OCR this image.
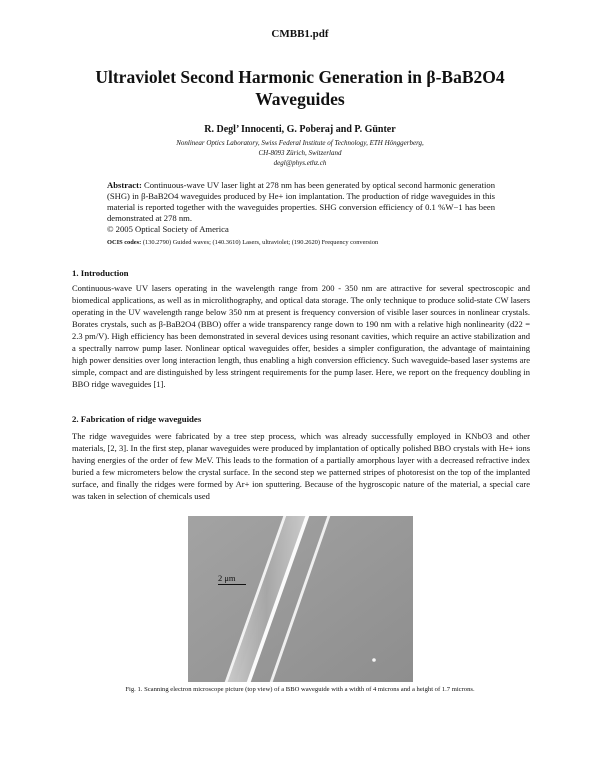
CMBB1.pdf
Ultraviolet Second Harmonic Generation in β-BaB2O4
Waveguides
R. Degl’ Innocenti, G. Poberaj and P. Günter
Nonlinear Optics Laboratory, Swiss Federal Institute of Technology, ETH Hönggerberg,
CH-8093 Zürich, Switzerland
degl@phys.ethz.ch
Abstract: Continuous-wave UV laser light at 278 nm has been generated by optical second harmonic generation (SHG) in β-BaB2O4 waveguides produced by He+ ion implantation. The production of ridge waveguides in this material is reported together with the waveguides properties. SHG conversion efficiency of 0.1 %W−1 has been demonstrated at 278 nm.
© 2005 Optical Society of America
OCIS codes: (130.2790) Guided waves; (140.3610) Lasers, ultraviolet; (190.2620) Frequency conversion
1. Introduction
Continuous-wave UV lasers operating in the wavelength range from 200 - 350 nm are attractive for several spectroscopic and biomedical applications, as well as in microlithography, and optical data storage. The only technique to produce solid-state CW lasers operating in the UV wavelength range below 350 nm at present is frequency conversion of visible laser sources in nonlinear crystals. Borates crystals, such as β-BaB2O4 (BBO) offer a wide transparency range down to 190 nm with a relative high nonlinearity (d22 = 2.3 pm/V). High efficiency has been demonstrated in several devices using resonant cavities, which require an active stabilization and a spectrally narrow pump laser. Nonlinear optical waveguides offer, besides a simpler configuration, the advantage of maintaining high power densities over long interaction length, thus enabling a high conversion efficiency. Such waveguide-based laser systems are simple, compact and are distinguished by less stringent requirements for the pump laser. Here, we report on the frequency doubling in BBO ridge waveguides [1].
2. Fabrication of ridge waveguides
The ridge waveguides were fabricated by a tree step process, which was already successfully employed in KNbO3 and other materials, [2, 3]. In the first step, planar waveguides were produced by implantation of optically polished BBO crystals with He+ ions having energies of the order of few MeV. This leads to the formation of a partially amorphous layer with a decreased refractive index buried a few micrometers below the crystal surface. In the second step we patterned stripes of photoresist on the top of the implanted surface, and finally the ridges were formed by Ar+ ion sputtering. Because of the hygroscopic nature of the material, a special care was taken in selection of chemicals used
2 μm
Fig. 1. Scanning electron microscope picture (top view) of a BBO waveguide with a width of 4 microns and a height of 1.7 microns.
